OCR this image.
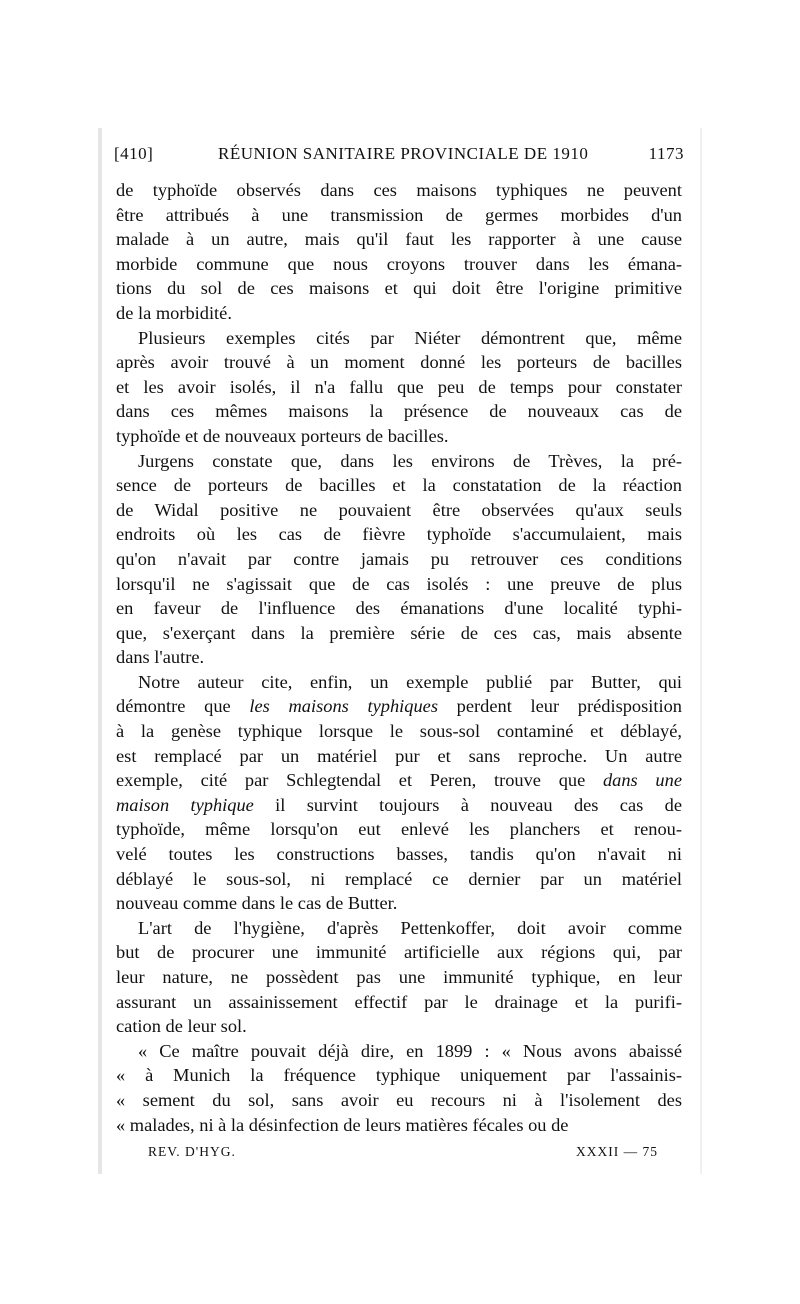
[410]	RÉUNION SANITAIRE PROVINCIALE DE 1910	1173

de typhoïde observés dans ces maisons typhiques ne peuvent
être attribués à une transmission de germes morbides d'un
malade à un autre, mais qu'il faut les rapporter à une cause
morbide commune que nous croyons trouver dans les émana-
tions du sol de ces maisons et qui doit être l'origine primitive
de la morbidité.

Plusieurs exemples cités par Niéter démontrent que, même
après avoir trouvé à un moment donné les porteurs de bacilles
et les avoir isolés, il n'a fallu que peu de temps pour constater
dans ces mêmes maisons la présence de nouveaux cas de
typhoïde et de nouveaux porteurs de bacilles.

Jurgens constate que, dans les environs de Trèves, la pré-
sence de porteurs de bacilles et la constatation de la réaction
de Widal positive ne pouvaient être observées qu'aux seuls
endroits où les cas de fièvre typhoïde s'accumulaient, mais
qu'on n'avait par contre jamais pu retrouver ces conditions
lorsqu'il ne s'agissait que de cas isolés : une preuve de plus
en faveur de l'influence des émanations d'une localité typhi-
que, s'exerçant dans la première série de ces cas, mais absente
dans l'autre.

Notre auteur cite, enfin, un exemple publié par Butter, qui
démontre que les maisons typhiques perdent leur prédisposition
à la genèse typhique lorsque le sous-sol contaminé et déblayé,
est remplacé par un matériel pur et sans reproche. Un autre
exemple, cité par Schlegtendal et Peren, trouve que dans une
maison typhique il survint toujours à nouveau des cas de
typhoïde, même lorsqu'on eut enlevé les planchers et renou-
velé toutes les constructions basses, tandis qu'on n'avait ni
déblayé le sous-sol, ni remplacé ce dernier par un matériel
nouveau comme dans le cas de Butter.

L'art de l'hygiène, d'après Pettenkoffer, doit avoir comme
but de procurer une immunité artificielle aux régions qui, par
leur nature, ne possèdent pas une immunité typhique, en leur
assurant un assainissement effectif par le drainage et la purifi-
cation de leur sol.

« Ce maître pouvait déjà dire, en 1899 : « Nous avons abaissé
« à Munich la fréquence typhique uniquement par l'assainis-
« sement du sol, sans avoir eu recours ni à l'isolement des
« malades, ni à la désinfection de leurs matières fécales ou de

REV. D'HYG.	XXXII — 75
